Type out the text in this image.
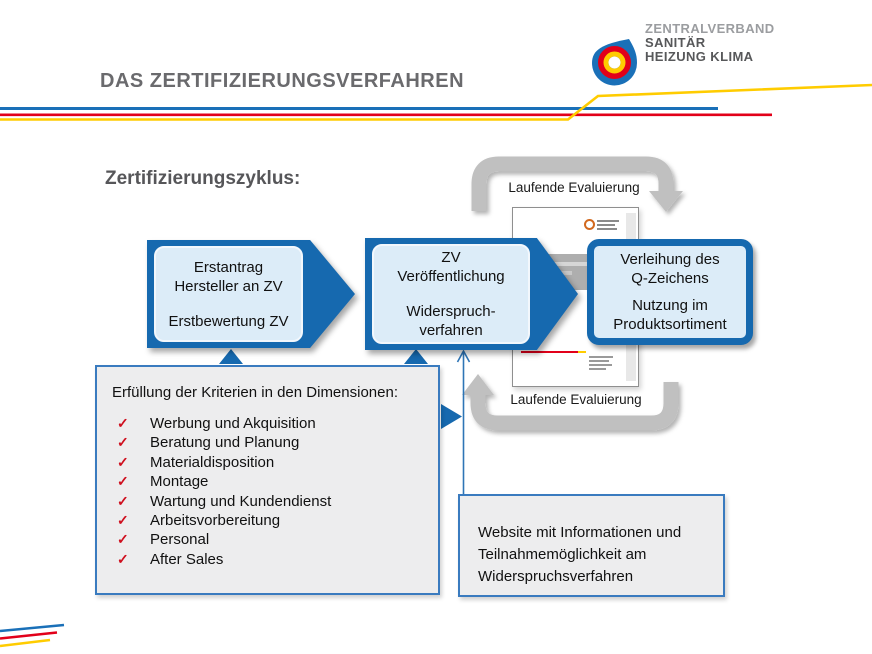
ZENTRALVERBAND
SANITÄR
HEIZUNG KLIMA
DAS ZERTIFIZIERUNGSVERFAHREN
Zertifizierungszyklus:	Laufende Evaluierung
Laufende Evaluierung
Erstantrag
Hersteller an ZV
Erstbewertung ZV
ZV
Veröffentlichung
Widerspruch-
verfahren
Verleihung des
Q-Zeichens
Nutzung im
Produktsortiment

Erfüllung der Kriterien in den Dimensionen:

✓	Werbung und Akquisition
✓	Beratung und Planung
✓	Materialdisposition
✓	Montage
✓	Wartung und Kundendienst
✓	Arbeitsvorbereitung
✓	Personal
✓	After Sales
Website mit Informationen und
Teilnahmemöglichkeit am
Widerspruchsverfahren
